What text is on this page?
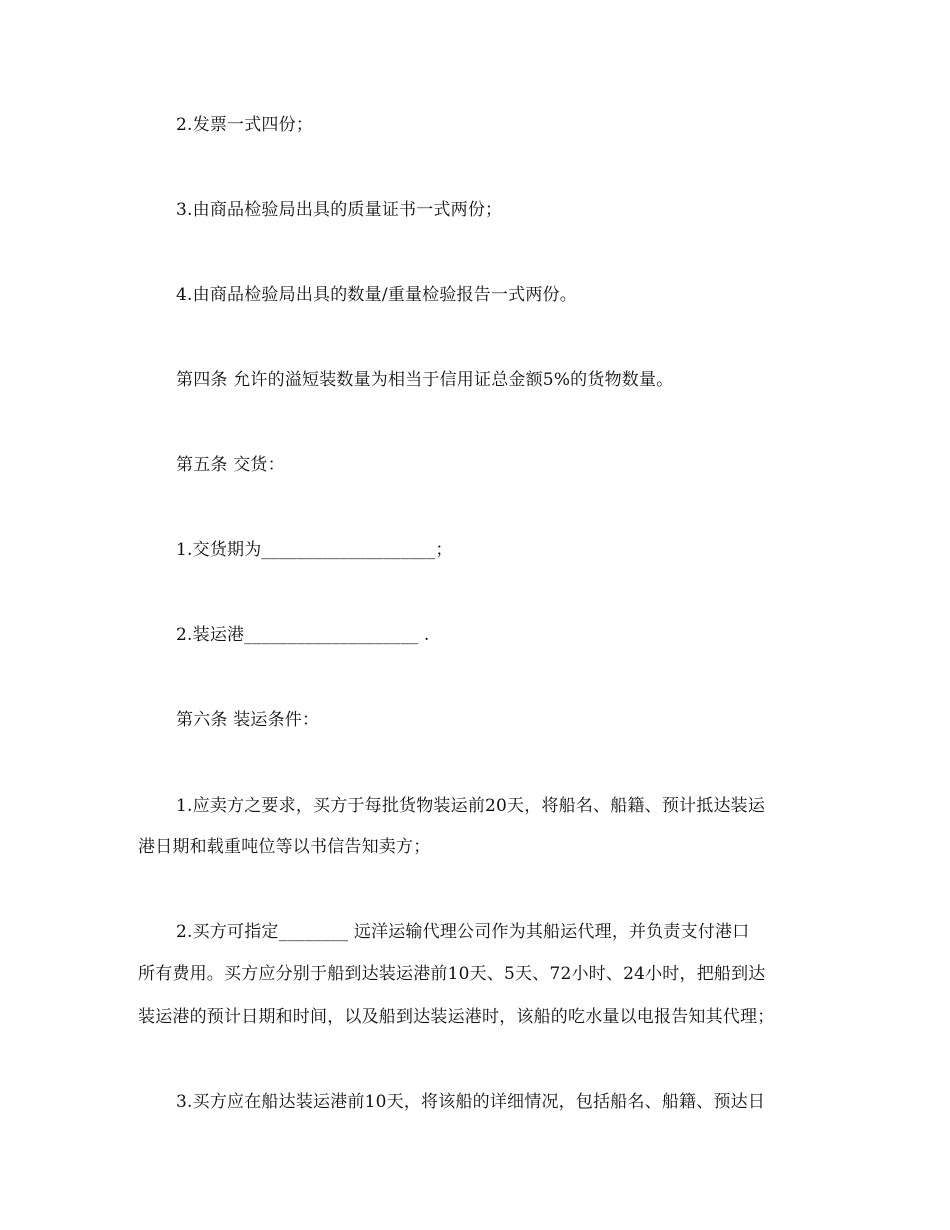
2.发票一式四份；
3.由商品检验局出具的质量证书一式两份；
4.由商品检验局出具的数量/重量检验报告一式两份。
第四条 允许的溢短装数量为相当于信用证总金额5%的货物数量。
第五条 交货：
1.交货期为____________________；
2.装运港____________________ .
第六条 装运条件：
1.应卖方之要求，买方于每批货物装运前20天，将船名、船籍、预计抵达装运
港日期和载重吨位等以书信告知卖方；
2.买方可指定________ 远洋运输代理公司作为其船运代理，并负责支付港口
所有费用。买方应分别于船到达装运港前10天、5天、72小时、24小时，把船到达
装运港的预计日期和时间，以及船到达装运港时，该船的吃水量以电报告知其代理；
3.买方应在船达装运港前10天，将该船的详细情况，包括船名、船籍、预达日
